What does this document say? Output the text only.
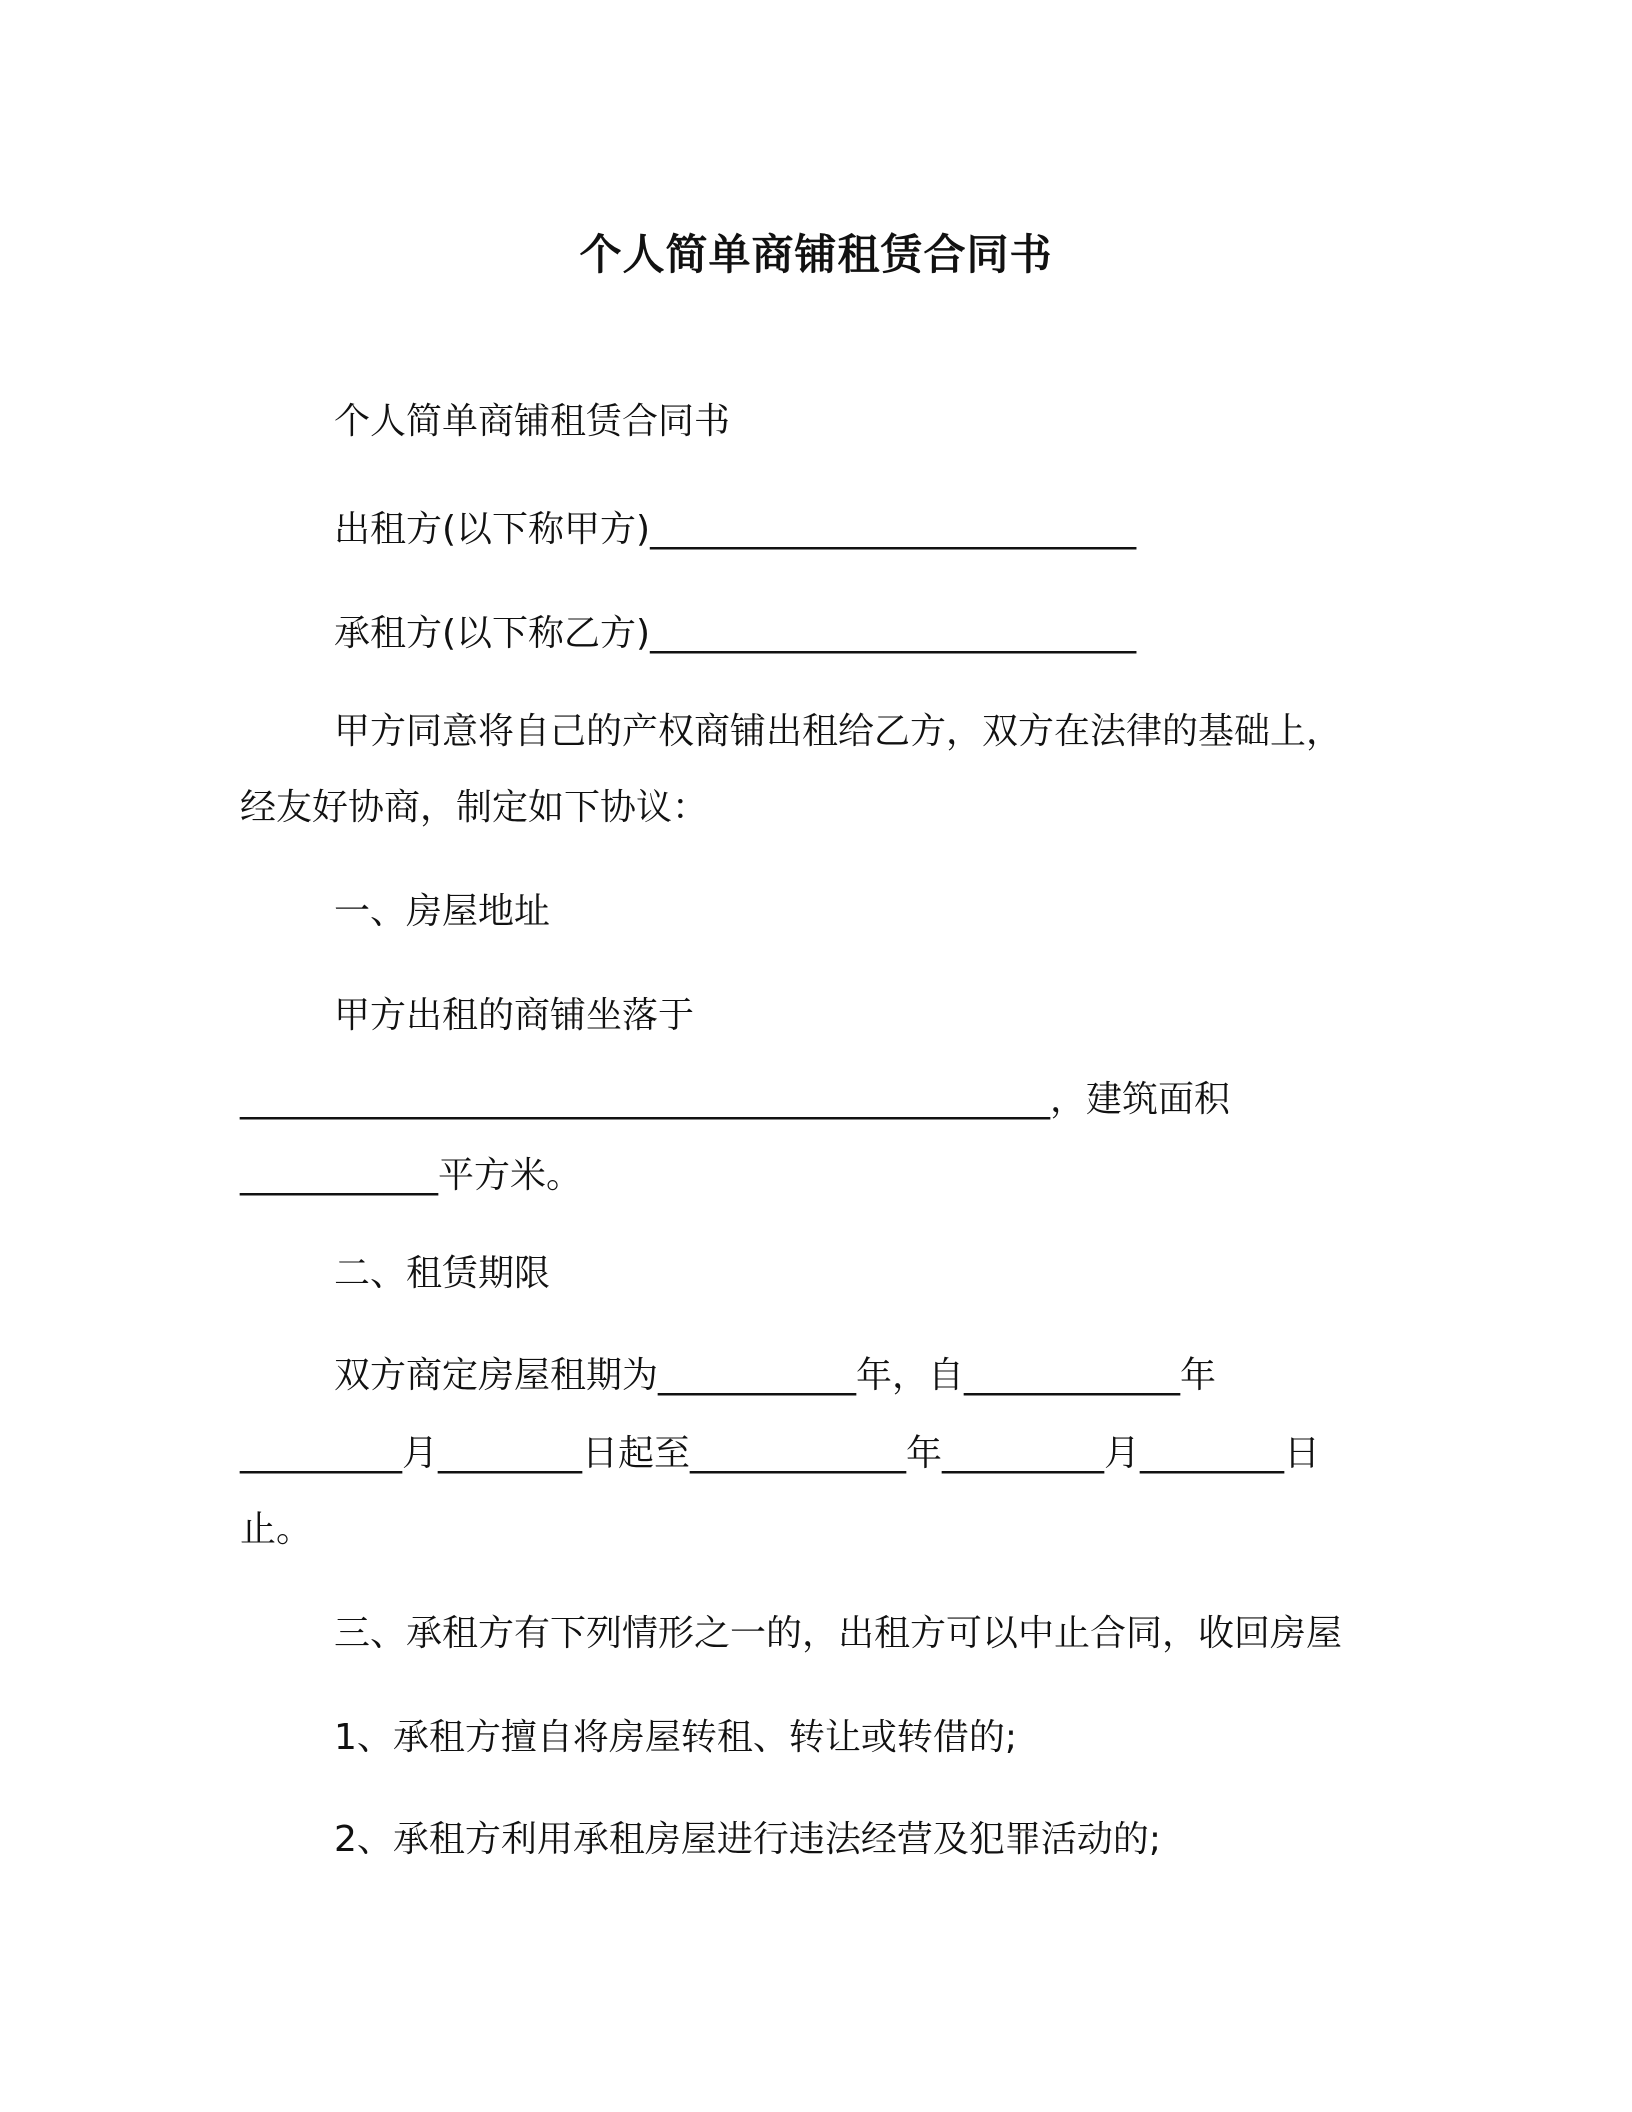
个人简单商铺租赁合同书
个人简单商铺租赁合同书
出租方(以下称甲方)___________________________
承租方(以下称乙方)___________________________
甲方同意将自己的产权商铺出租给乙方，双方在法律的基础上，
经友好协商，制定如下协议：
一、房屋地址
甲方出租的商铺坐落于
_____________________________________________，建筑面积
___________平方米。
二、租赁期限
双方商定房屋租期为___________年，自____________年
_________月________日起至____________年_________月________日
止。
三、承租方有下列情形之一的，出租方可以中止合同，收回房屋
1、承租方擅自将房屋转租、转让或转借的;
2、承租方利用承租房屋进行违法经营及犯罪活动的;
